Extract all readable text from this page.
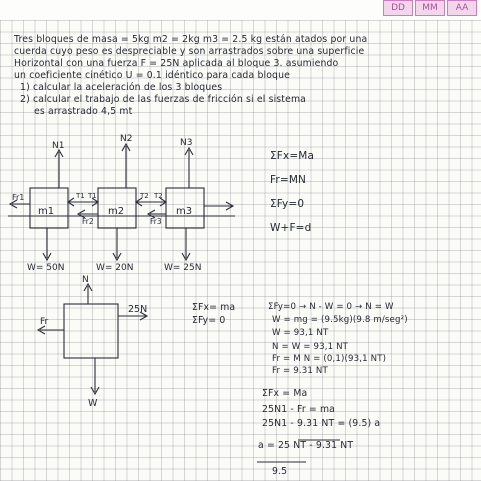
DD	MM	AA
Tres bloques de masa = 5kg m2 = 2kg m3 = 2.5 kg están atados por una
cuerda cuyo peso es despreciable y son arrastrados sobre una superficie
Horizontal con una fuerza F = 25N aplicada al bloque 3. asumiendo
un coeficiente cinético U = 0.1 idéntico para cada bloque
1) calcular la aceleración de los 3 bloques
2) calcular el trabajo de las fuerzas de fricción si el sistema
es arrastrado 4,5 mt
N1
N2	N3
m1	m2	m3
Fr1
Fr2	Fr3
T1 T1	T2 T2
W= 50N	W= 20N	W= 25N
25N
Fr
N
W
ΣFx=Ma
Fr=MN
ΣFy=0
W+F=d
ΣFx= ma
ΣFy= 0
ΣFy=0 → N - W = 0 → N = W
W = mg = (9.5kg)(9.8 m/seg²)
W = 93,1 NT
N = W = 93,1 NT
Fr = M N = (0,1)(93,1 NT)
Fr = 9.31 NT
ΣFx = Ma
25N1 - Fr = ma
25N1 - 9.31 NT = (9.5) a
a = 25 NT - 9.31 NT
9.5
